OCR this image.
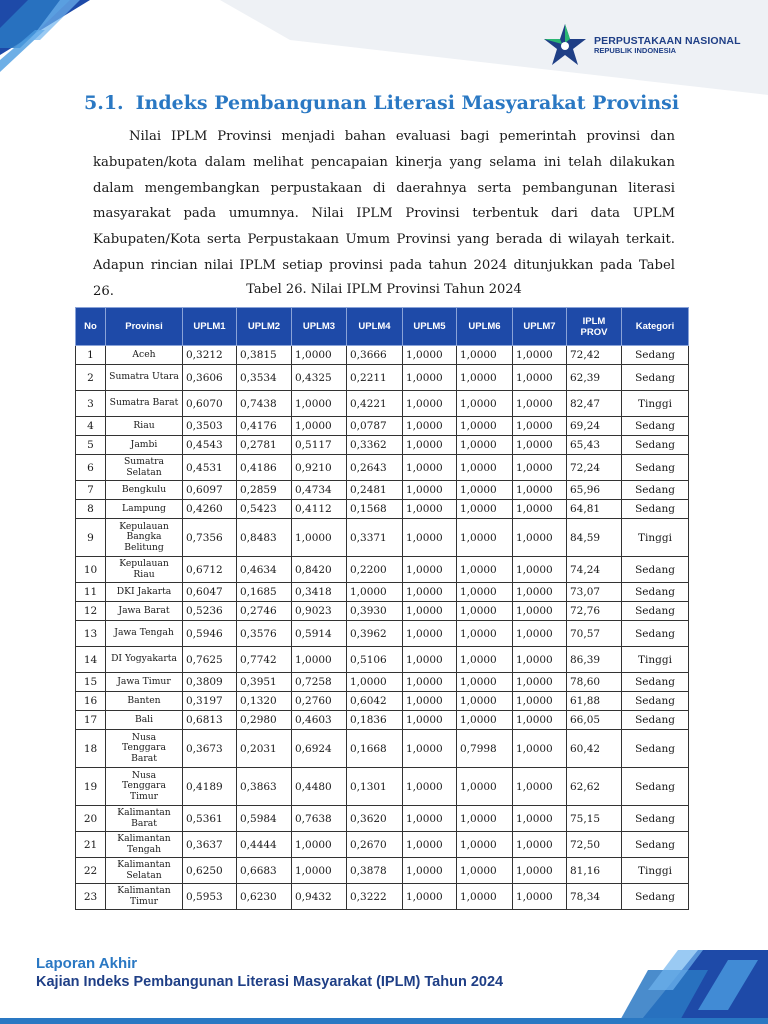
PERPUSTAKAAN NASIONAL
REPUBLIK INDONESIA
5.1. Indeks Pembangunan Literasi Masyarakat Provinsi

Nilai IPLM Provinsi menjadi bahan evaluasi bagi pemerintah provinsi dan kabupaten/kota dalam melihat pencapaian kinerja yang selama ini telah dilakukan dalam mengembangkan perpustakaan di daerahnya serta pembangunan literasi masyarakat pada umumnya. Nilai IPLM Provinsi terbentuk dari data UPLM Kabupaten/Kota serta Perpustakaan Umum Provinsi yang berada di wilayah terkait. Adapun rincian nilai IPLM setiap provinsi pada tahun 2024 ditunjukkan pada Tabel 26.	Tabel 26. Nilai IPLM Provinsi Tahun 2024

No	Provinsi	UPLM1	UPLM2	UPLM3	UPLM4	UPLM5	UPLM6	UPLM7	IPLM PROV	Kategori
1	Aceh	0,3212	0,3815	1,0000	0,3666	1,0000	1,0000	1,0000	72,42	Sedang
2	Sumatra Utara	0,3606	0,3534	0,4325	0,2211	1,0000	1,0000	1,0000	62,39	Sedang
3	Sumatra Barat	0,6070	0,7438	1,0000	0,4221	1,0000	1,0000	1,0000	82,47	Tinggi
4	Riau	0,3503	0,4176	1,0000	0,0787	1,0000	1,0000	1,0000	69,24	Sedang
5	Jambi	0,4543	0,2781	0,5117	0,3362	1,0000	1,0000	1,0000	65,43	Sedang
6	Sumatra Selatan	0,4531	0,4186	0,9210	0,2643	1,0000	1,0000	1,0000	72,24	Sedang
7	Bengkulu	0,6097	0,2859	0,4734	0,2481	1,0000	1,0000	1,0000	65,96	Sedang
8	Lampung	0,4260	0,5423	0,4112	0,1568	1,0000	1,0000	1,0000	64,81	Sedang
9	Kepulauan Bangka Belitung	0,7356	0,8483	1,0000	0,3371	1,0000	1,0000	1,0000	84,59	Tinggi
10	Kepulauan Riau	0,6712	0,4634	0,8420	0,2200	1,0000	1,0000	1,0000	74,24	Sedang
11	DKI Jakarta	0,6047	0,1685	0,3418	1,0000	1,0000	1,0000	1,0000	73,07	Sedang
12	Jawa Barat	0,5236	0,2746	0,9023	0,3930	1,0000	1,0000	1,0000	72,76	Sedang
13	Jawa Tengah	0,5946	0,3576	0,5914	0,3962	1,0000	1,0000	1,0000	70,57	Sedang
14	DI Yogyakarta	0,7625	0,7742	1,0000	0,5106	1,0000	1,0000	1,0000	86,39	Tinggi
15	Jawa Timur	0,3809	0,3951	0,7258	1,0000	1,0000	1,0000	1,0000	78,60	Sedang
16	Banten	0,3197	0,1320	0,2760	0,6042	1,0000	1,0000	1,0000	61,88	Sedang
17	Bali	0,6813	0,2980	0,4603	0,1836	1,0000	1,0000	1,0000	66,05	Sedang
18	Nusa Tenggara Barat	0,3673	0,2031	0,6924	0,1668	1,0000	0,7998	1,0000	60,42	Sedang
19	Nusa Tenggara Timur	0,4189	0,3863	0,4480	0,1301	1,0000	1,0000	1,0000	62,62	Sedang
20	Kalimantan Barat	0,5361	0,5984	0,7638	0,3620	1,0000	1,0000	1,0000	75,15	Sedang
21	Kalimantan Tengah	0,3637	0,4444	1,0000	0,2670	1,0000	1,0000	1,0000	72,50	Sedang
22	Kalimantan Selatan	0,6250	0,6683	1,0000	0,3878	1,0000	1,0000	1,0000	81,16	Tinggi
23	Kalimantan Timur	0,5953	0,6230	0,9432	0,3222	1,0000	1,0000	1,0000	78,34	Sedang
Laporan Akhir
Kajian Indeks Pembangunan Literasi Masyarakat (IPLM) Tahun 2024
